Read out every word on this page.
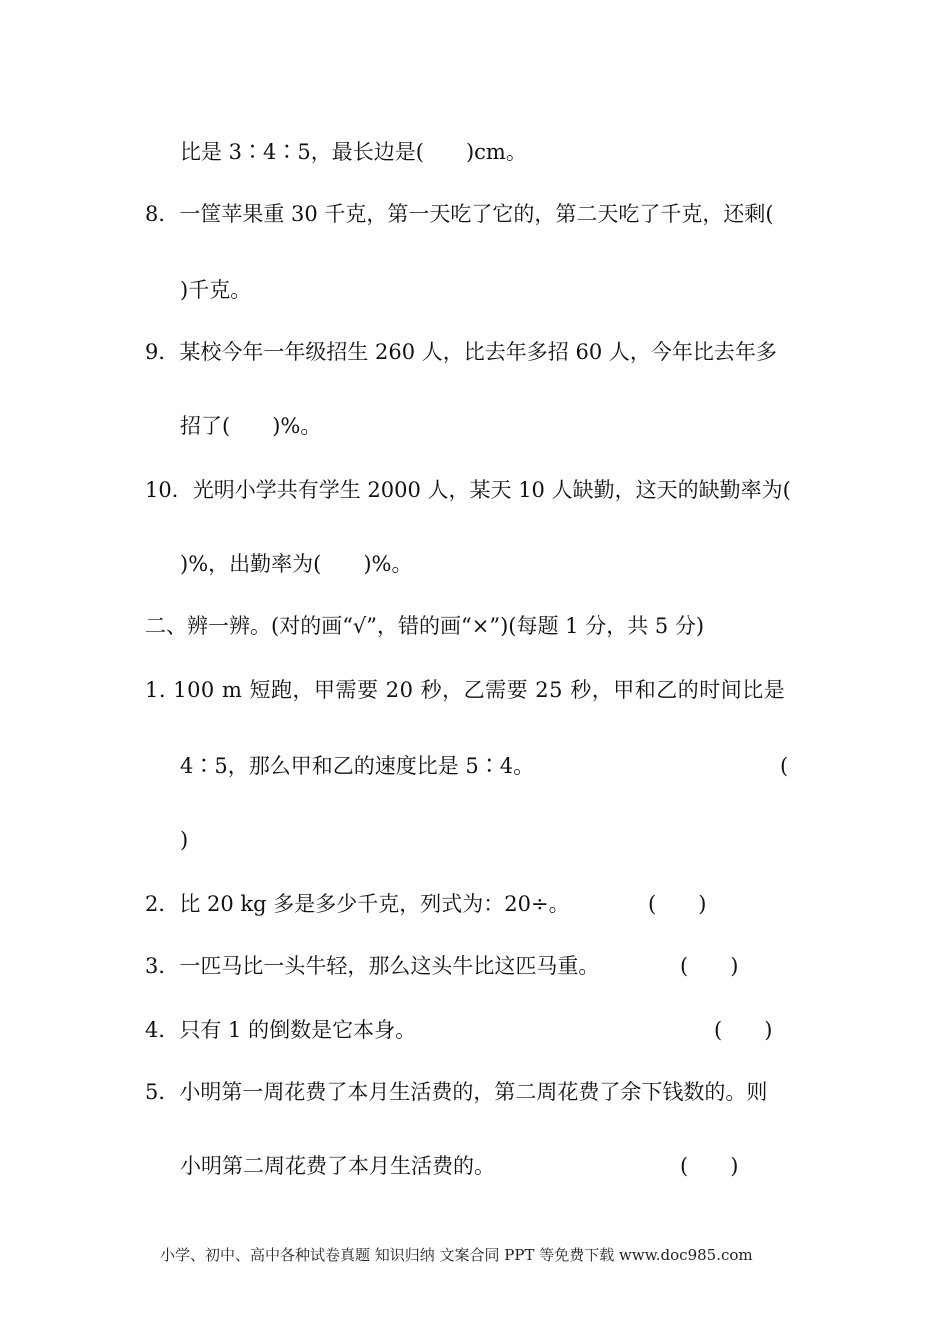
比是 3∶4∶5，最长边是(　　)cm。
8．一筐苹果重 30 千克，第一天吃了它的，第二天吃了千克，还剩(
)千克。
9．某校今年一年级招生 260 人，比去年多招 60 人，今年比去年多
招了(　　)%。
10．光明小学共有学生 2000 人，某天 10 人缺勤，这天的缺勤率为(
)%，出勤率为(　　)%。
二、辨一辨。(对的画“√”，错的画“×”)(每题 1 分，共 5 分)
1. 100 m 短跑，甲需要 20 秒，乙需要 25 秒，甲和乙的时间比是
4∶5，那么甲和乙的速度比是 5∶4。	(
)
2．比 20 kg 多是多少千克，列式为：20÷。	(　　)
3．一匹马比一头牛轻，那么这头牛比这匹马重。	(　　)
4．只有 1 的倒数是它本身。	(　　)
5．小明第一周花费了本月生活费的，第二周花费了余下钱数的。则
小明第二周花费了本月生活费的。	(　　)
小学、初中、高中各种试卷真题 知识归纳 文案合同 PPT 等免费下载 www.doc985.com
